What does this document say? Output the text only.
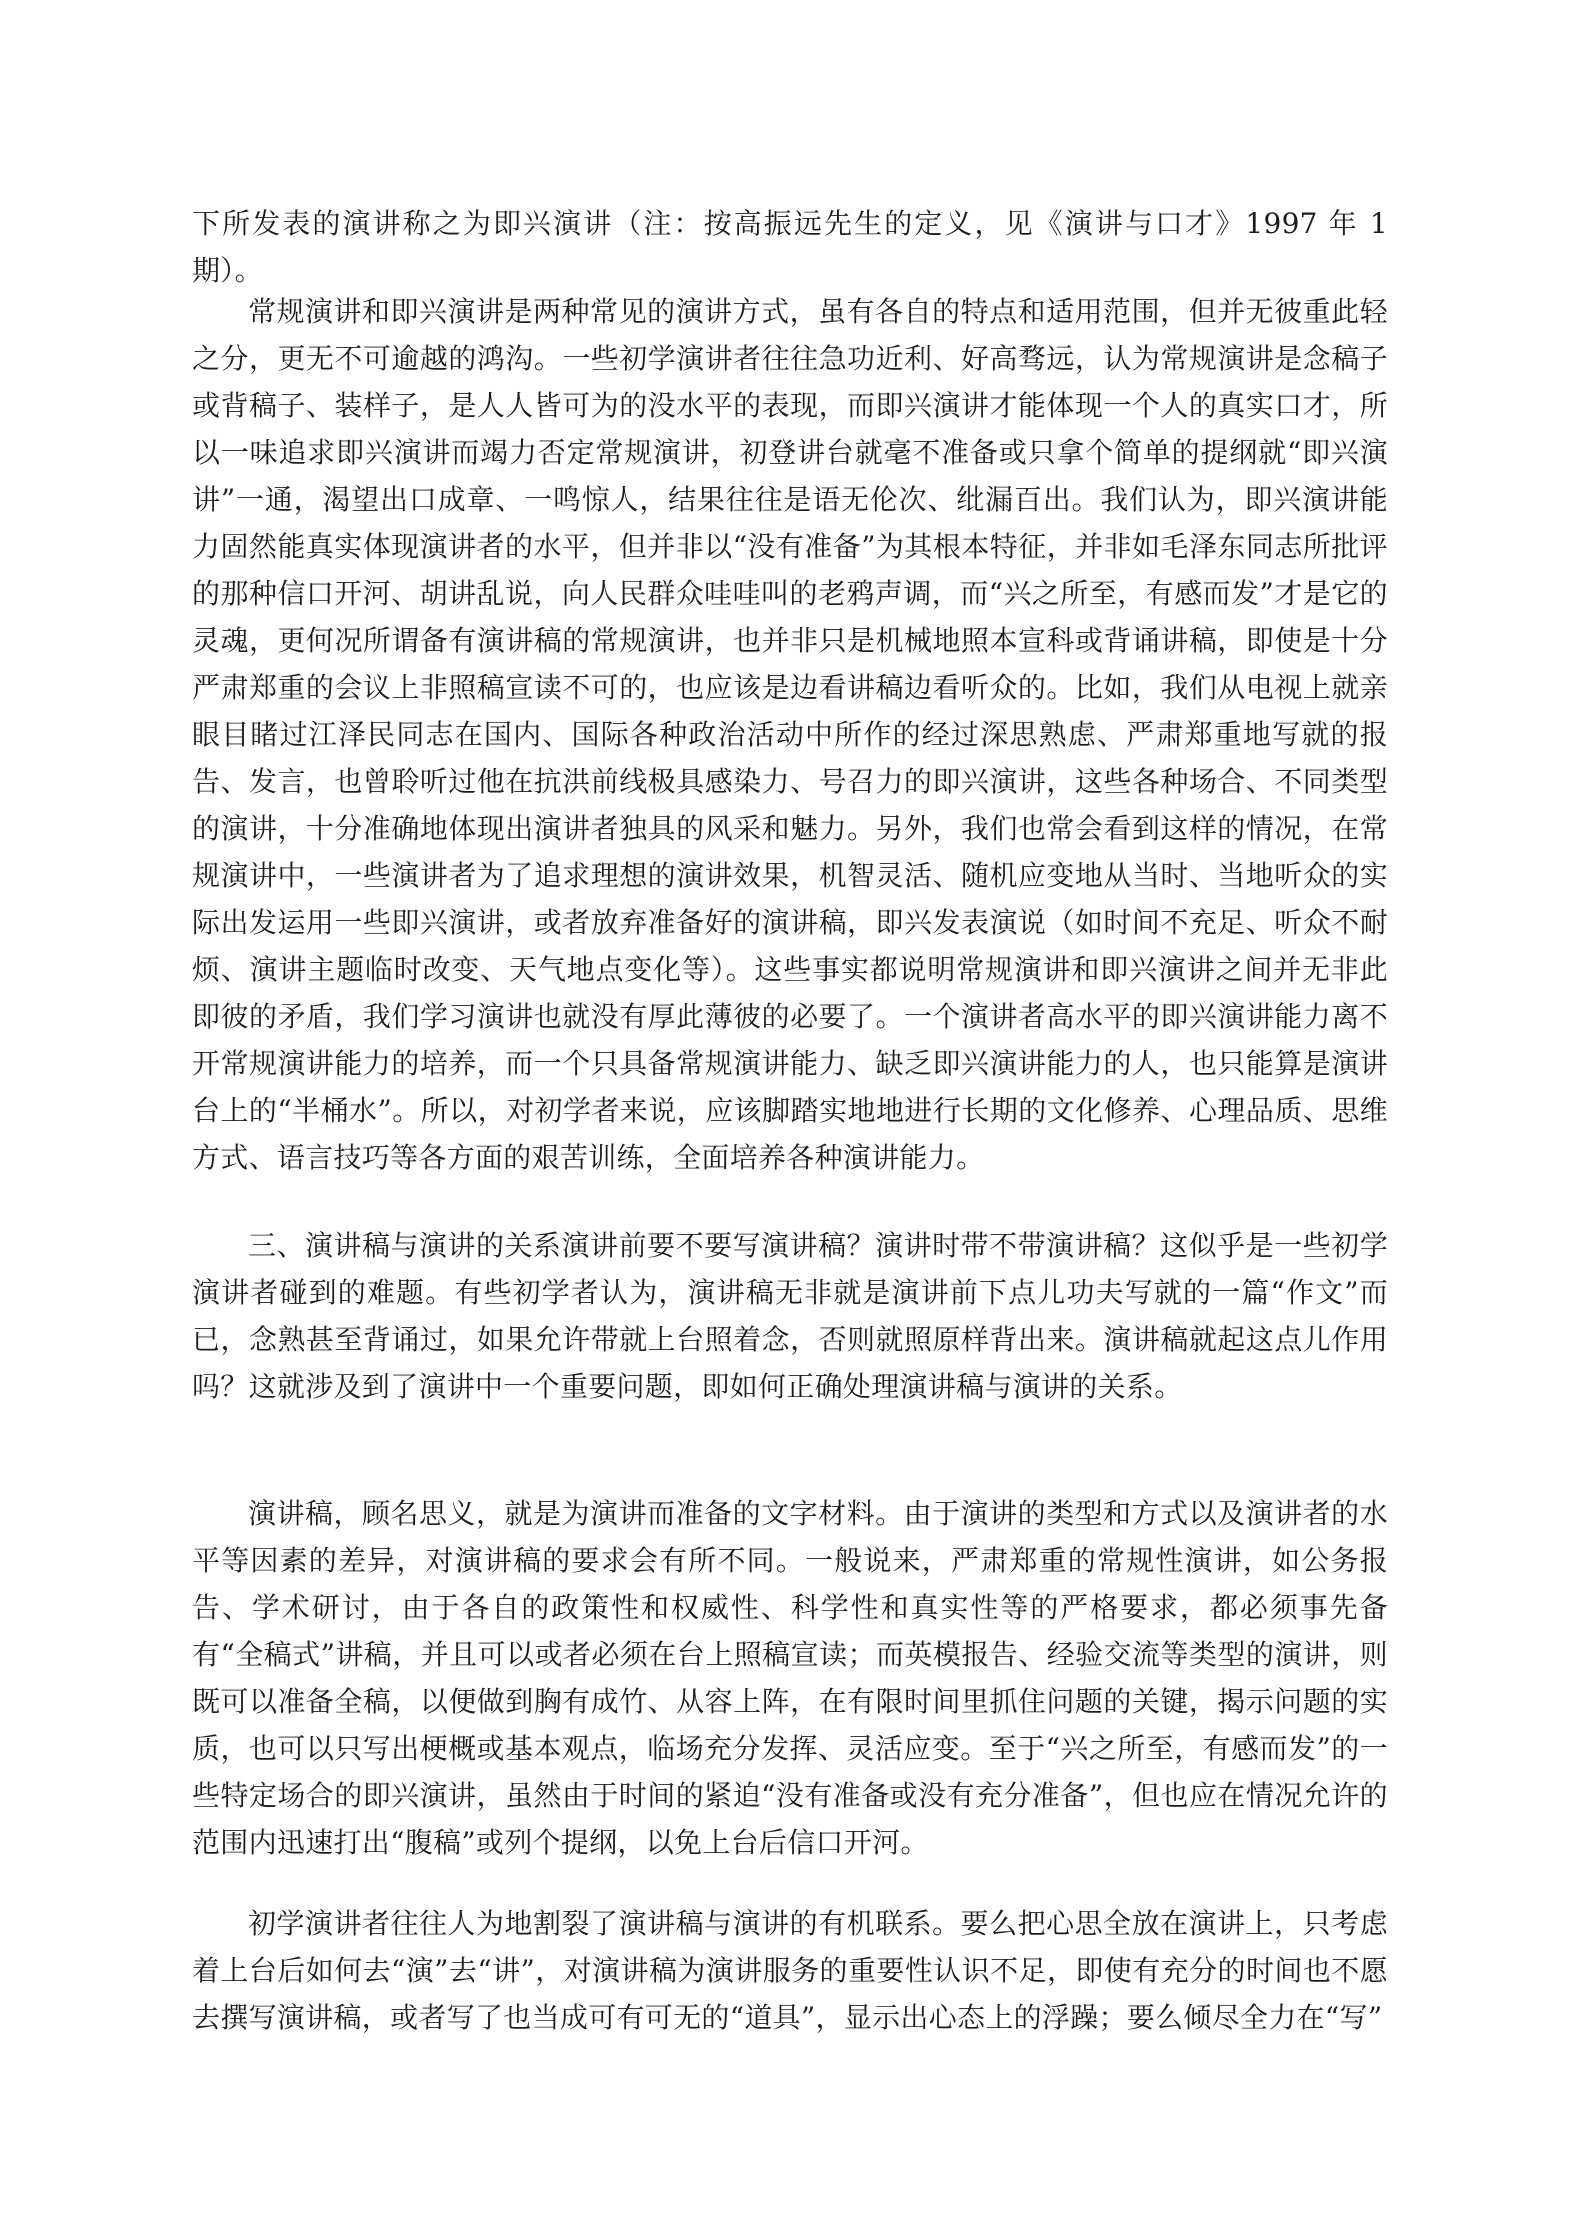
下所发表的演讲称之为即兴演讲（注：按高振远先生的定义，见《演讲与口才》1997 年 1 期）。

常规演讲和即兴演讲是两种常见的演讲方式，虽有各自的特点和适用范围，但并无彼重此轻之分，更无不可逾越的鸿沟。一些初学演讲者往往急功近利、好高骛远，认为常规演讲是念稿子或背稿子、装样子，是人人皆可为的没水平的表现，而即兴演讲才能体现一个人的真实口才，所以一味追求即兴演讲而竭力否定常规演讲，初登讲台就毫不准备或只拿个简单的提纲就“即兴演讲”一通，渴望出口成章、一鸣惊人，结果往往是语无伦次、纰漏百出。我们认为，即兴演讲能力固然能真实体现演讲者的水平，但并非以“没有准备”为其根本特征，并非如毛泽东同志所批评的那种信口开河、胡讲乱说，向人民群众哇哇叫的老鸦声调，而“兴之所至，有感而发”才是它的灵魂，更何况所谓备有演讲稿的常规演讲，也并非只是机械地照本宣科或背诵讲稿，即使是十分严肃郑重的会议上非照稿宣读不可的，也应该是边看讲稿边看听众的。比如，我们从电视上就亲眼目睹过江泽民同志在国内、国际各种政治活动中所作的经过深思熟虑、严肃郑重地写就的报告、发言，也曾聆听过他在抗洪前线极具感染力、号召力的即兴演讲，这些各种场合、不同类型的演讲，十分准确地体现出演讲者独具的风采和魅力。另外，我们也常会看到这样的情况，在常规演讲中，一些演讲者为了追求理想的演讲效果，机智灵活、随机应变地从当时、当地听众的实际出发运用一些即兴演讲，或者放弃准备好的演讲稿，即兴发表演说（如时间不充足、听众不耐烦、演讲主题临时改变、天气地点变化等）。这些事实都说明常规演讲和即兴演讲之间并无非此即彼的矛盾，我们学习演讲也就没有厚此薄彼的必要了。一个演讲者高水平的即兴演讲能力离不开常规演讲能力的培养，而一个只具备常规演讲能力、缺乏即兴演讲能力的人，也只能算是演讲台上的“半桶水”。所以，对初学者来说，应该脚踏实地地进行长期的文化修养、心理品质、思维方式、语言技巧等各方面的艰苦训练，全面培养各种演讲能力。

三、演讲稿与演讲的关系演讲前要不要写演讲稿？演讲时带不带演讲稿？这似乎是一些初学演讲者碰到的难题。有些初学者认为，演讲稿无非就是演讲前下点儿功夫写就的一篇“作文”而已，念熟甚至背诵过，如果允许带就上台照着念，否则就照原样背出来。演讲稿就起这点儿作用吗？这就涉及到了演讲中一个重要问题，即如何正确处理演讲稿与演讲的关系。

演讲稿，顾名思义，就是为演讲而准备的文字材料。由于演讲的类型和方式以及演讲者的水平等因素的差异，对演讲稿的要求会有所不同。一般说来，严肃郑重的常规性演讲，如公务报告、学术研讨，由于各自的政策性和权威性、科学性和真实性等的严格要求，都必须事先备有“全稿式”讲稿，并且可以或者必须在台上照稿宣读；而英模报告、经验交流等类型的演讲，则既可以准备全稿，以便做到胸有成竹、从容上阵，在有限时间里抓住问题的关键，揭示问题的实质，也可以只写出梗概或基本观点，临场充分发挥、灵活应变。至于“兴之所至，有感而发”的一些特定场合的即兴演讲，虽然由于时间的紧迫“没有准备或没有充分准备”，但也应在情况允许的范围内迅速打出“腹稿”或列个提纲，以免上台后信口开河。

初学演讲者往往人为地割裂了演讲稿与演讲的有机联系。要么把心思全放在演讲上，只考虑着上台后如何去“演”去“讲”，对演讲稿为演讲服务的重要性认识不足，即使有充分的时间也不愿去撰写演讲稿，或者写了也当成可有可无的“道具”，显示出心态上的浮躁；要么倾尽全力在“写”
